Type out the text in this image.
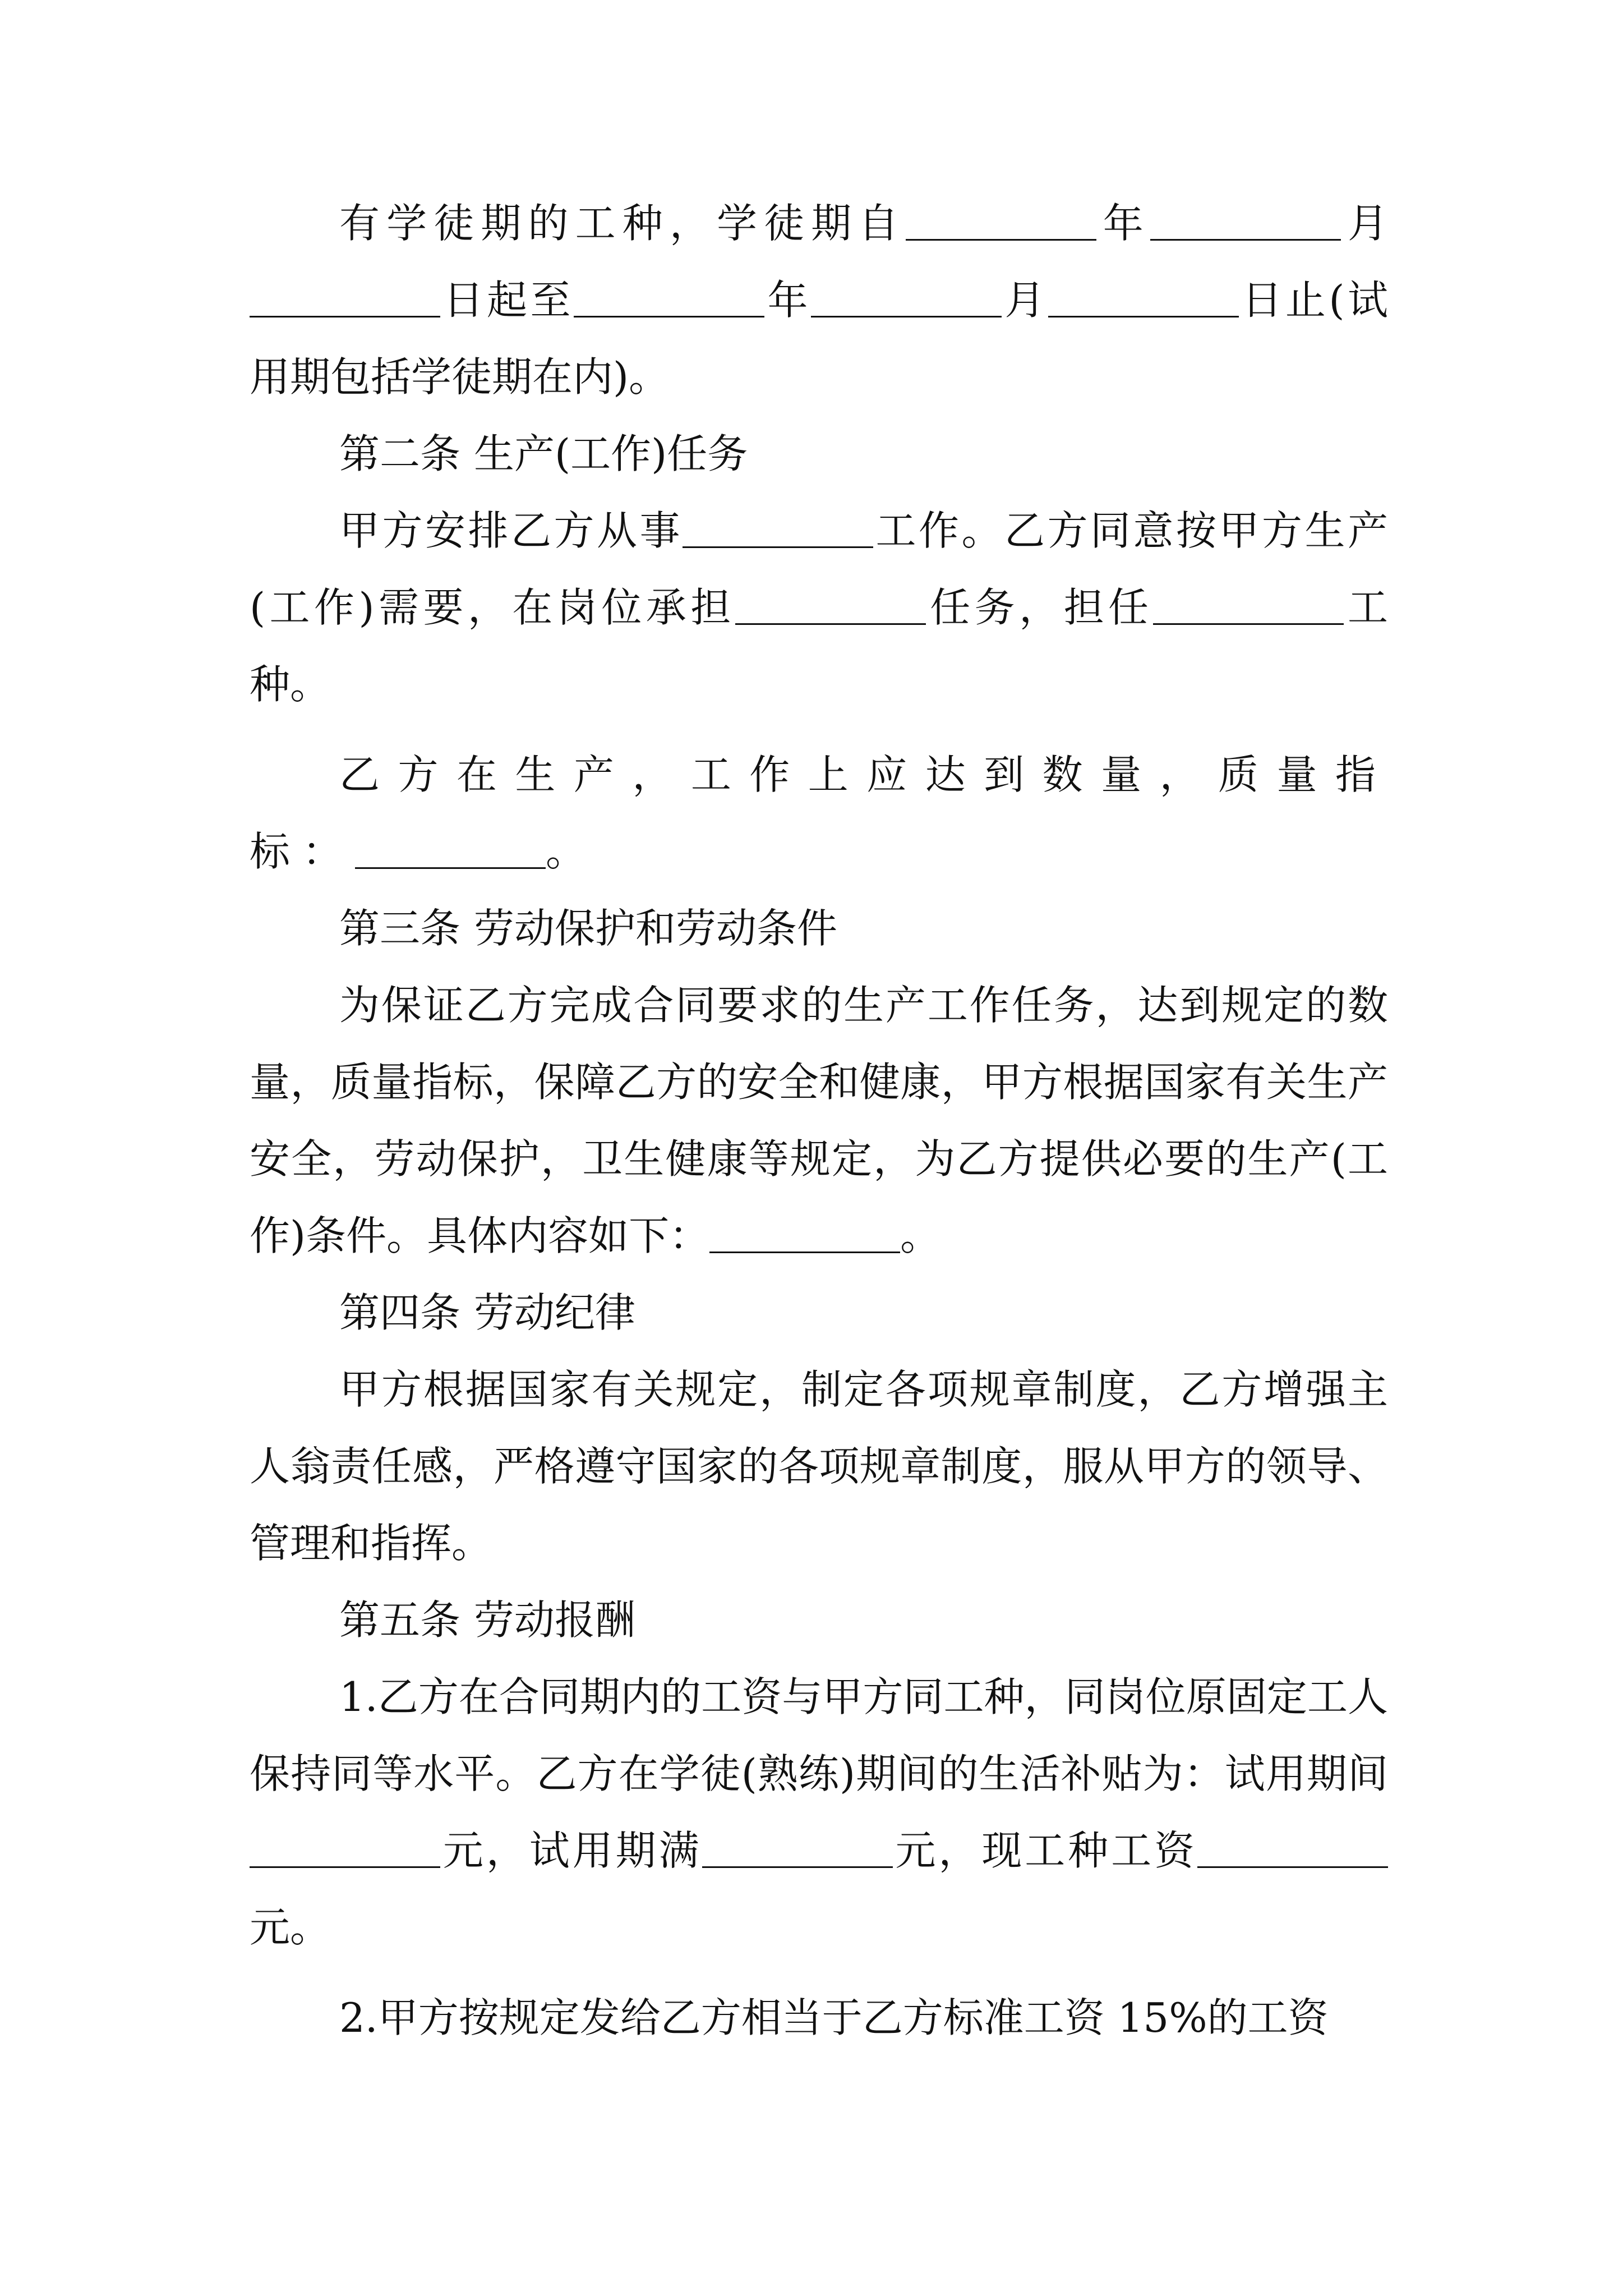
有学徒期的工种，学徒期自	年	月日起至	年	月	日止(试用期包括学徒期在内)。

第二条 生产(工作)任务

甲方安排乙方从事	工作。乙方同意按甲方生产(工作)需要，在岗位承担	任务，担任	工种。

乙方在生产，工作上应达到数量，质量指标：	。

第三条 劳动保护和劳动条件

为保证乙方完成合同要求的生产工作任务，达到规定的数量，质量指标，保障乙方的安全和健康，甲方根据国家有关生产安全，劳动保护，卫生健康等规定，为乙方提供必要的生产(工作)条件。具体内容如下：	。

第四条 劳动纪律

甲方根据国家有关规定，制定各项规章制度，乙方增强主人翁责任感，严格遵守国家的各项规章制度，服从甲方的领导、管理和指挥。

第五条 劳动报酬

1.乙方在合同期内的工资与甲方同工种，同岗位原固定工人保持同等水平。乙方在学徒(熟练)期间的生活补贴为：试用期间元，试用期满	元，现工种工资元。

2.甲方按规定发给乙方相当于乙方标准工资 15%的工资
